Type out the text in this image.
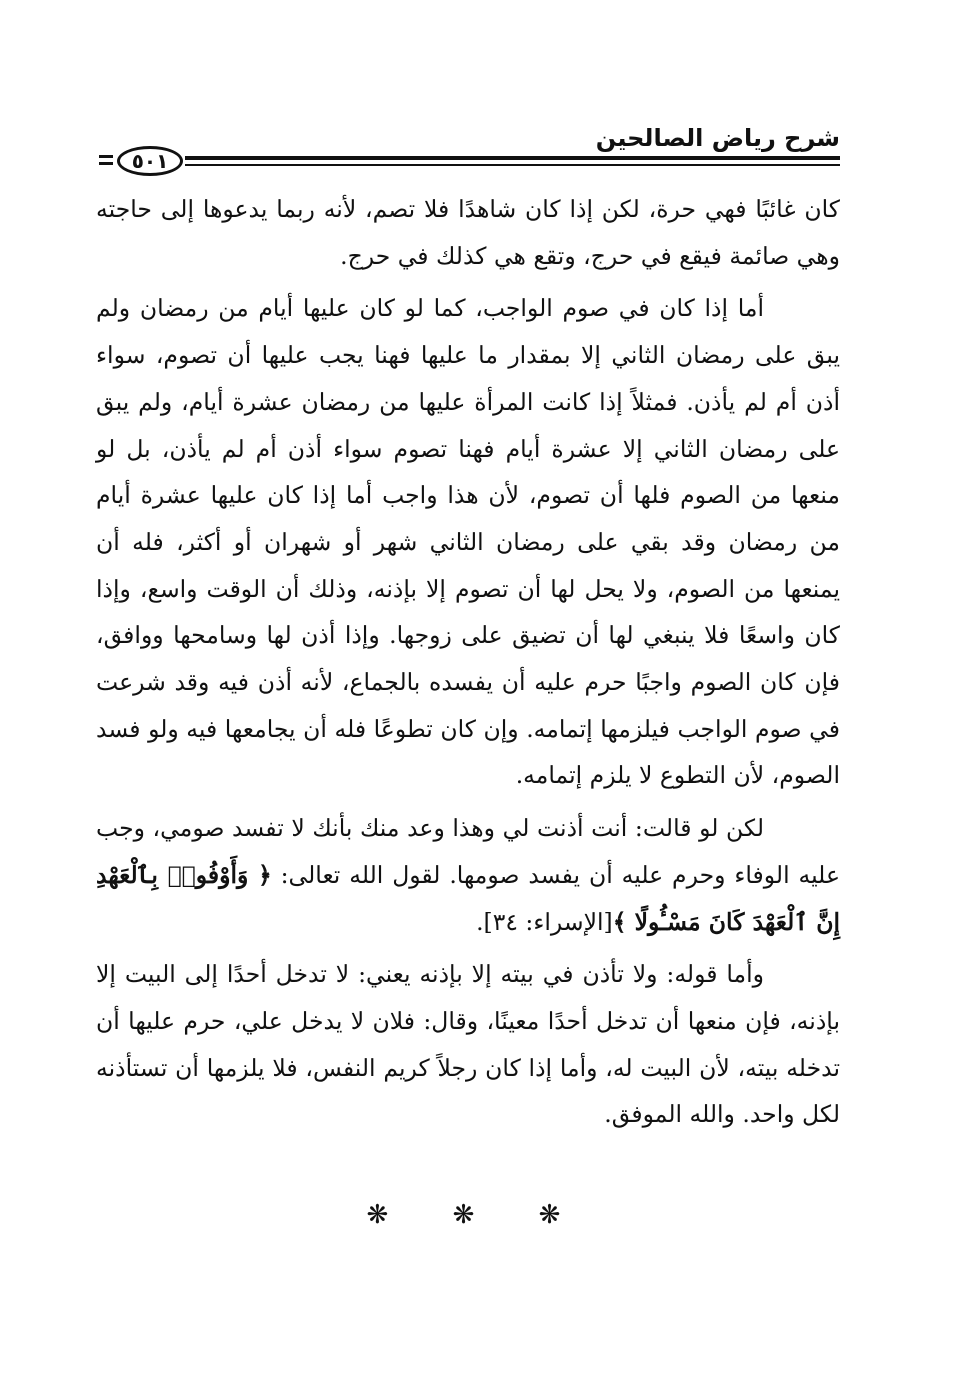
شرح رياض الصالحين
٥٠١

كان غائبًا فهي حرة، لكن إذا كان شاهدًا فلا تصم، لأنه ربما يدعوها إلى حاجته وهي صائمة فيقع في حرج، وتقع هي كذلك في حرج.

أما إذا كان في صوم الواجب، كما لو كان عليها أيام من رمضان ولم يبق على رمضان الثاني إلا بمقدار ما عليها فهنا يجب عليها أن تصوم، سواء أذن أم لم يأذن. فمثلاً إذا كانت المرأة عليها من رمضان عشرة أيام، ولم يبق على رمضان الثاني إلا عشرة أيام فهنا تصوم سواء أذن أم لم يأذن، بل لو منعها من الصوم فلها أن تصوم، لأن هذا واجب أما إذا كان عليها عشرة أيام من رمضان وقد بقي على رمضان الثاني شهر أو شهران أو أكثر، فله أن يمنعها من الصوم، ولا يحل لها أن تصوم إلا بإذنه، وذلك أن الوقت واسع، وإذا كان واسعًا فلا ينبغي لها أن تضيق على زوجها. وإذا أذن لها وسامحها ووافق، فإن كان الصوم واجبًا حرم عليه أن يفسده بالجماع، لأنه أذن فيه وقد شرعت في صوم الواجب فيلزمها إتمامه. وإن كان تطوعًا فله أن يجامعها فيه ولو فسد الصوم، لأن التطوع لا يلزم إتمامه.

لكن لو قالت: أنت أذنت لي وهذا وعد منك بأنك لا تفسد صومي، وجب عليه الوفاء وحرم عليه أن يفسد صومها. لقول الله تعالى: ﴿ وَأَوْفُوا۟ بِٱلْعَهْدِ إِنَّ ٱلْعَهْدَ كَانَ مَسْـُٔولًا ﴾[الإسراء: ٣٤].

وأما قوله: ولا تأذن في بيته إلا بإذنه يعني: لا تدخل أحدًا إلى البيت إلا بإذنه، فإن منعها أن تدخل أحدًا معينًا، وقال: فلان لا يدخل علي، حرم عليها أن تدخله بيته، لأن البيت له، وأما إذا كان رجلاً كريم النفس، فلا يلزمها أن تستأذنه لكل واحد. والله الموفق.

❋ ❋ ❋
